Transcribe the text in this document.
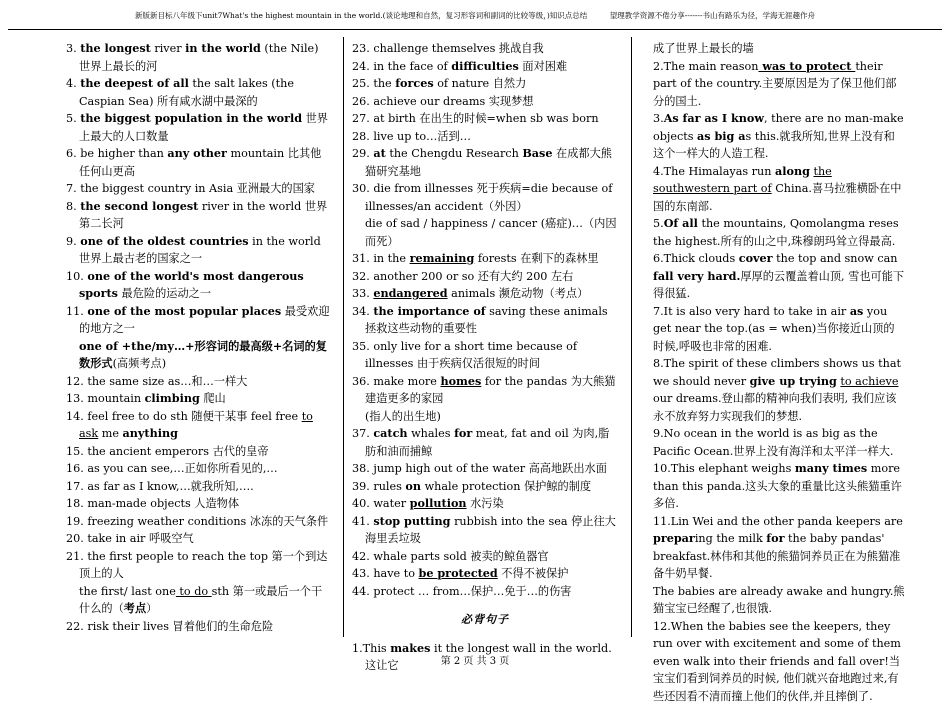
新版新目标八年级下unit7What's the highest mountain in the world.(谈论地理和自然，复习形容词和副词的比较等级，)知识点总结　　　望理教学资源不倦分享-------书山有路乐为径，学海无涯趣作舟

3. the longest river in the world (the Nile) 世界上最长的河

4. the deepest of all the salt lakes (the Caspian Sea) 所有咸水湖中最深的

5. the biggest population in the world 世界上最大的人口数量

6. be higher than any other mountain 比其他任何山更高

7. the biggest country in Asia 亚洲最大的国家

8. the second longest river in the world 世界第二长河

9. one of the oldest countries in the world 世界上最古老的国家之一

10. one of the world's most dangerous sports 最危险的运动之一

11. one of the most popular places 最受欢迎的地方之一

one of +the/my…+形容词的最高级+名词的复数形式(高频考点)

12. the same size as…和…一样大

13. mountain climbing 爬山

14. feel free to do sth 随便干某事 feel free to ask me anything

15. the ancient emperors 古代的皇帝

16. as you can see,…正如你所看见的,…

17. as far as I know,…就我所知,….

18. man-made objects 人造物体

19. freezing weather conditions 冰冻的天气条件

20. take in air 呼吸空气

21. the first people to reach the top 第一个到达顶上的人

the first/ last one to do sth 第一或最后一个干什么的（考点）

22. risk their lives 冒着他们的生命危险

23. challenge themselves 挑战自我

24. in the face of difficulties 面对困难

25. the forces of nature 自然力

26. achieve our dreams 实现梦想

27. at birth 在出生的时候=when sb was born

28. live up to…活到…

29. at the Chengdu Research Base 在成都大熊猫研究基地

30. die from illnesses 死于疾病=die because of illnesses/an accident（外因）

die of sad / happiness / cancer (癌症)…（内因而死）

31. in the remaining forests 在剩下的森林里

32. another 200 or so 还有大约 200 左右

33. endangered animals 濒危动物（考点）

34. the importance of saving these animals 拯救这些动物的重要性

35. only live for a short time because of illnesses 由于疾病仅活很短的时间

36. make more homes for the pandas 为大熊猫建造更多的家园

(指人的出生地)

37. catch whales for meat, fat and oil 为肉,脂肪和油而捕鲸

38. jump high out of the water 高高地跃出水面

39. rules on whale protection 保护鲸的制度

40. water pollution 水污染

41. stop putting rubbish into the sea 停止往大海里丢垃圾

42. whale parts sold 被卖的鲸鱼器官

43. have to be protected 不得不被保护

44. protect … from…保护…免于…的伤害

必背句子

1.This makes it the longest wall in the world.这让它

成了世界上最长的墙

2.The main reason was to protect their part of the country.主要原因是为了保卫他们部分的国土.

3.As far as I know, there are no man-make objects as big as this.就我所知,世界上没有和这个一样大的人造工程.

4.The Himalayas run along the southwestern part of China.喜马拉雅横卧在中国的东南部.

5.Of all the mountains, Qomolangma reses the highest.所有的山之中,珠穆朗玛耸立得最高.

6.Thick clouds cover the top and snow can fall very hard.厚厚的云覆盖着山顶, 雪也可能下得很猛.

7.It is also very hard to take in air as you get near the top.(as = when)当你接近山顶的时候,呼吸也非常的困难.

8.The spirit of these climbers shows us that we should never give up trying to achieve our dreams.登山都的精神向我们表明, 我们应该永不放弃努力实现我们的梦想.

9.No ocean in the world is as big as the Pacific Ocean.世界上没有海洋和太平洋一样大.

10.This elephant weighs many times more than this panda.这头大象的重量比这头熊猫重许多倍.

11.Lin Wei and the other panda keepers are preparing the milk for the baby pandas' breakfast.林伟和其他的熊猫饲养员正在为熊猫准备牛奶早餐.

The babies are already awake and hungry.熊猫宝宝已经醒了,也很饿.

12.When the babies see the keepers, they run over with excitement and some of them even walk into their friends and fall over!当宝宝们看到饲养员的时候, 他们就兴奋地跑过来,有些还因看不清而撞上他们的伙伴,并且摔倒了.

第 2 页 共 3 页
